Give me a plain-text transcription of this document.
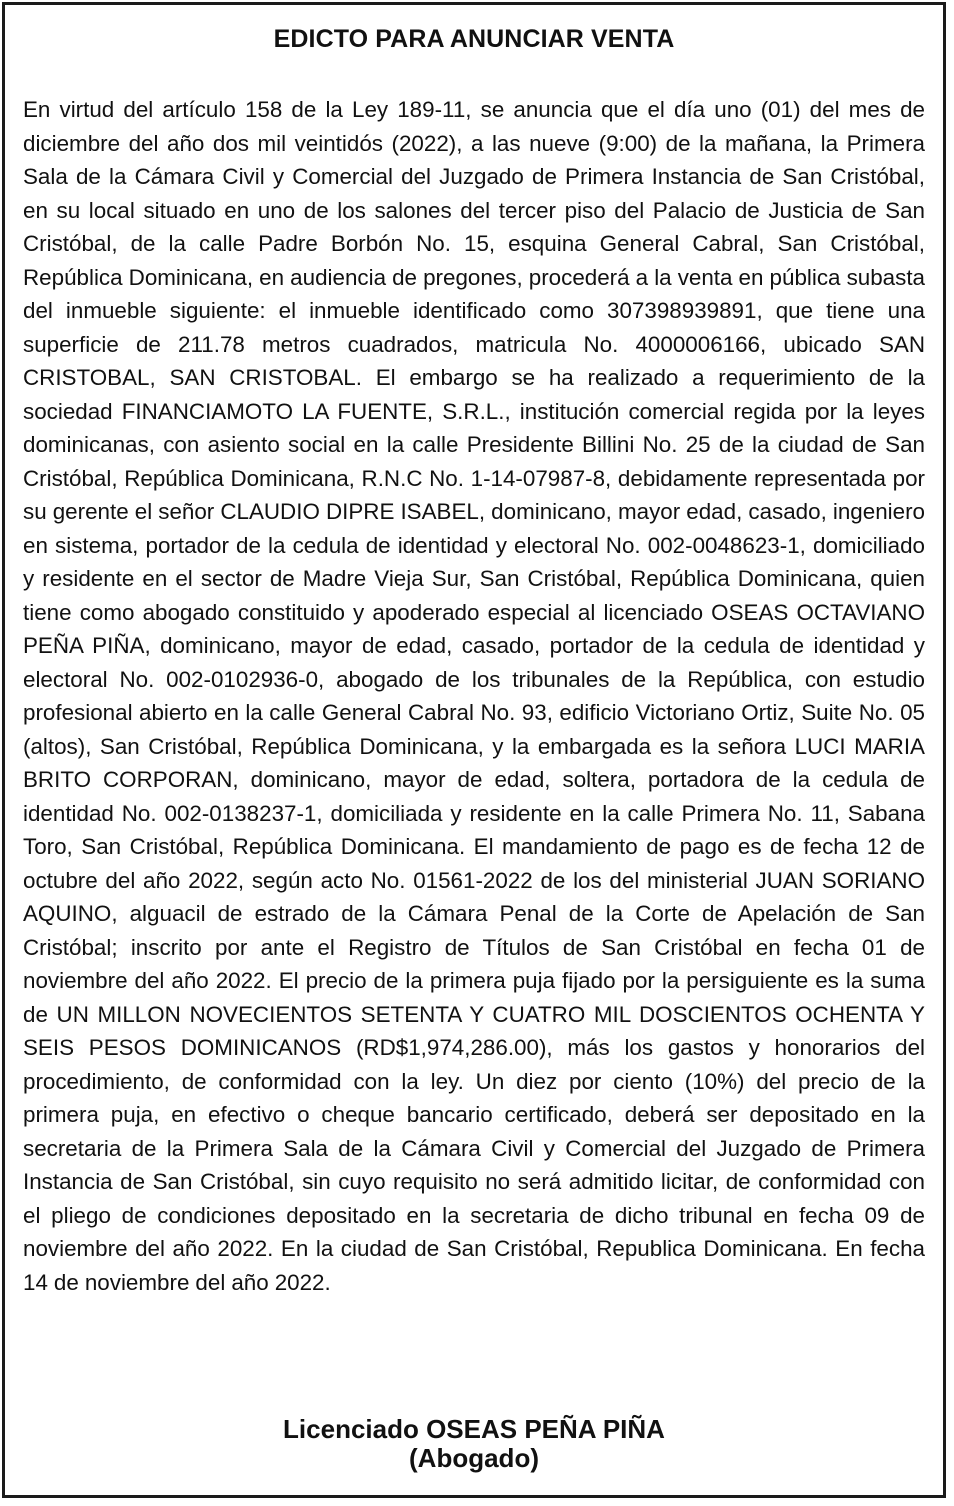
EDICTO PARA ANUNCIAR VENTA

En virtud del artículo 158 de la Ley 189-11, se anuncia que el día uno (01) del mes de diciembre del año dos mil veintidós (2022), a las nueve (9:00) de la mañana, la Primera Sala de la Cámara Civil y Comercial del Juzgado de Primera Instancia de San Cristóbal, en su local situado en uno de los salones del tercer piso del Palacio de Justicia de San Cristóbal, de la calle Padre Borbón No. 15, esquina General Cabral, San Cristóbal, República Dominicana, en audiencia de pregones, procederá a la venta en pública subasta del inmueble siguiente: el inmueble identificado como 307398939891, que tiene una superficie de 211.78 metros cuadrados, matricula No. 4000006166, ubicado SAN CRISTOBAL, SAN CRISTOBAL. El embargo se ha realizado a requerimiento de la sociedad FINANCIAMOTO LA FUENTE, S.R.L., institución comercial regida por la leyes dominicanas, con asiento social en la calle Presidente Billini No. 25 de la ciudad de San Cristóbal, República Dominicana, R.N.C No. 1-14-07987-8, debidamente representada por su gerente el señor CLAUDIO DIPRE ISABEL, dominicano, mayor edad, casado, ingeniero en sistema, portador de la cedula de identidad y electoral No. 002-0048623-1, domiciliado y residente en el sector de Madre Vieja Sur, San Cristóbal, República Dominicana, quien tiene como abogado constituido y apoderado especial al licenciado OSEAS OCTAVIANO PEÑA PIÑA, dominicano, mayor de edad, casado, portador de la cedula de identidad y electoral No. 002-0102936-0, abogado de los tribunales de la República, con estudio profesional abierto en la calle General Cabral No. 93, edificio Victoriano Ortiz, Suite No. 05 (altos), San Cristóbal, República Dominicana, y la embargada es la señora LUCI MARIA BRITO CORPORAN, dominicano, mayor de edad, soltera, portadora de la cedula de identidad No. 002-0138237-1, domiciliada y residente en la calle Primera No. 11, Sabana Toro, San Cristóbal, República Dominicana. El mandamiento de pago es de fecha 12 de octubre del año 2022, según acto No. 01561-2022 de los del ministerial JUAN SORIANO AQUINO, alguacil de estrado de la Cámara Penal de la Corte de Apelación de San Cristóbal; inscrito por ante el Registro de Títulos de San Cristóbal en fecha 01 de noviembre del año 2022. El precio de la primera puja fijado por la persiguiente es la suma de UN MILLON NOVECIENTOS SETENTA Y CUATRO MIL DOSCIENTOS OCHENTA Y SEIS PESOS DOMINICANOS (RD$1,974,286.00), más los gastos y honorarios del procedimiento, de conformidad con la ley. Un diez por ciento (10%) del precio de la primera puja, en efectivo o cheque bancario certificado, deberá ser depositado en la secretaria de la Primera Sala de la Cámara Civil y Comercial del Juzgado de Primera Instancia de San Cristóbal, sin cuyo requisito no será admitido licitar, de conformidad con el pliego de condiciones depositado en la secretaria de dicho tribunal en fecha 09 de noviembre del año 2022. En la ciudad de San Cristóbal, Republica Dominicana. En fecha 14 de noviembre del año 2022.

Licenciado OSEAS PEÑA PIÑA
(Abogado)
